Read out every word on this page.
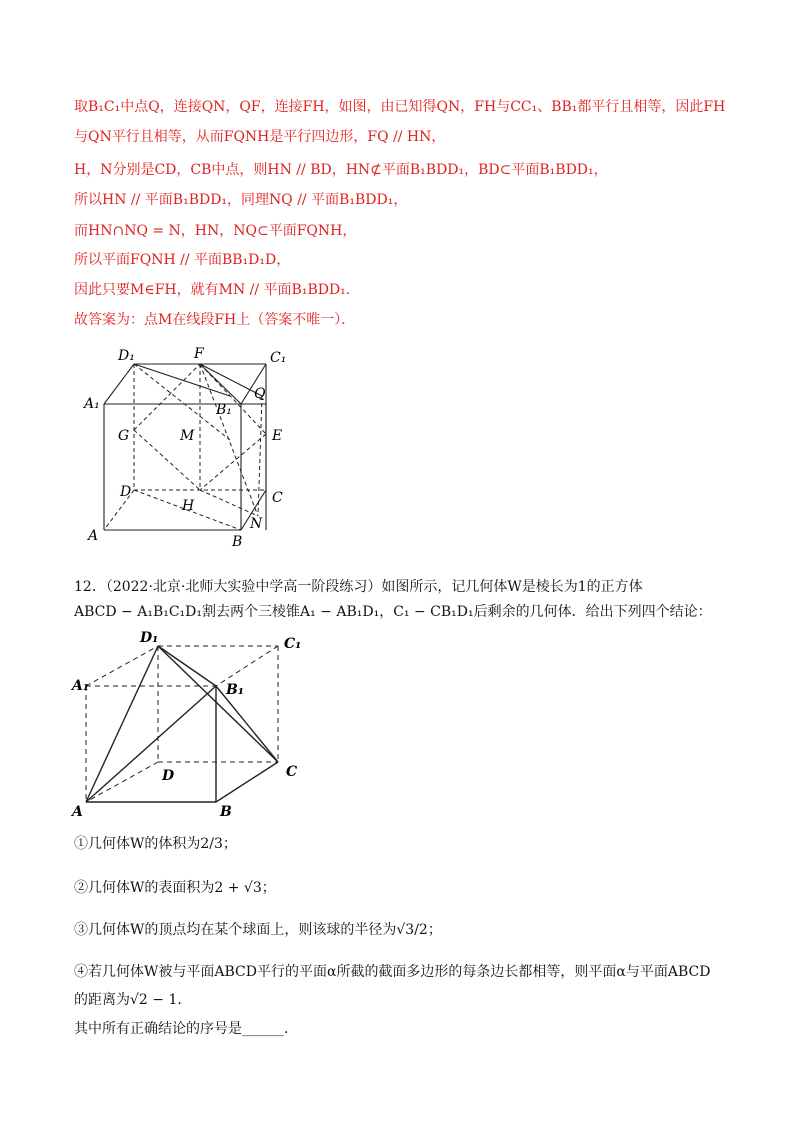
取B₁C₁中点Q，连接QN，QF，连接FH，如图，由已知得QN，FH与CC₁、BB₁都平行且相等，因此FH
与QN平行且相等，从而FQNH是平行四边形，FQ // HN，
H，N分别是CD，CB中点，则HN // BD，HN⊄平面B₁BDD₁，BD⊂平面B₁BDD₁，
所以HN // 平面B₁BDD₁，同理NQ // 平面B₁BDD₁，
而HN∩NQ = N，HN，NQ⊂平面FQNH，
所以平面FQNH // 平面BB₁D₁D，
因此只要M∈FH，就有MN // 平面B₁BDD₁．
故答案为：点M在线段FH上（答案不唯一）．
D₁	F	C₁
Q
A₁	B₁
G	M	E
D	C
H
N
A	B
12．（2022·北京·北师大实验中学高一阶段练习）如图所示，记几何体W是棱长为1的正方体
ABCD − A₁B₁C₁D₁割去两个三棱锥A₁ − AB₁D₁，C₁ − CB₁D₁后剩余的几何体．给出下列四个结论：
D₁	C₁
A₁	B₁
D	C
A	B
①几何体W的体积为2/3；
②几何体W的表面积为2 + √3；
③几何体W的顶点均在某个球面上，则该球的半径为√3/2；
④若几何体W被与平面ABCD平行的平面α所截的截面多边形的每条边长都相等，则平面α与平面ABCD
的距离为√2 − 1．
其中所有正确结论的序号是______．
